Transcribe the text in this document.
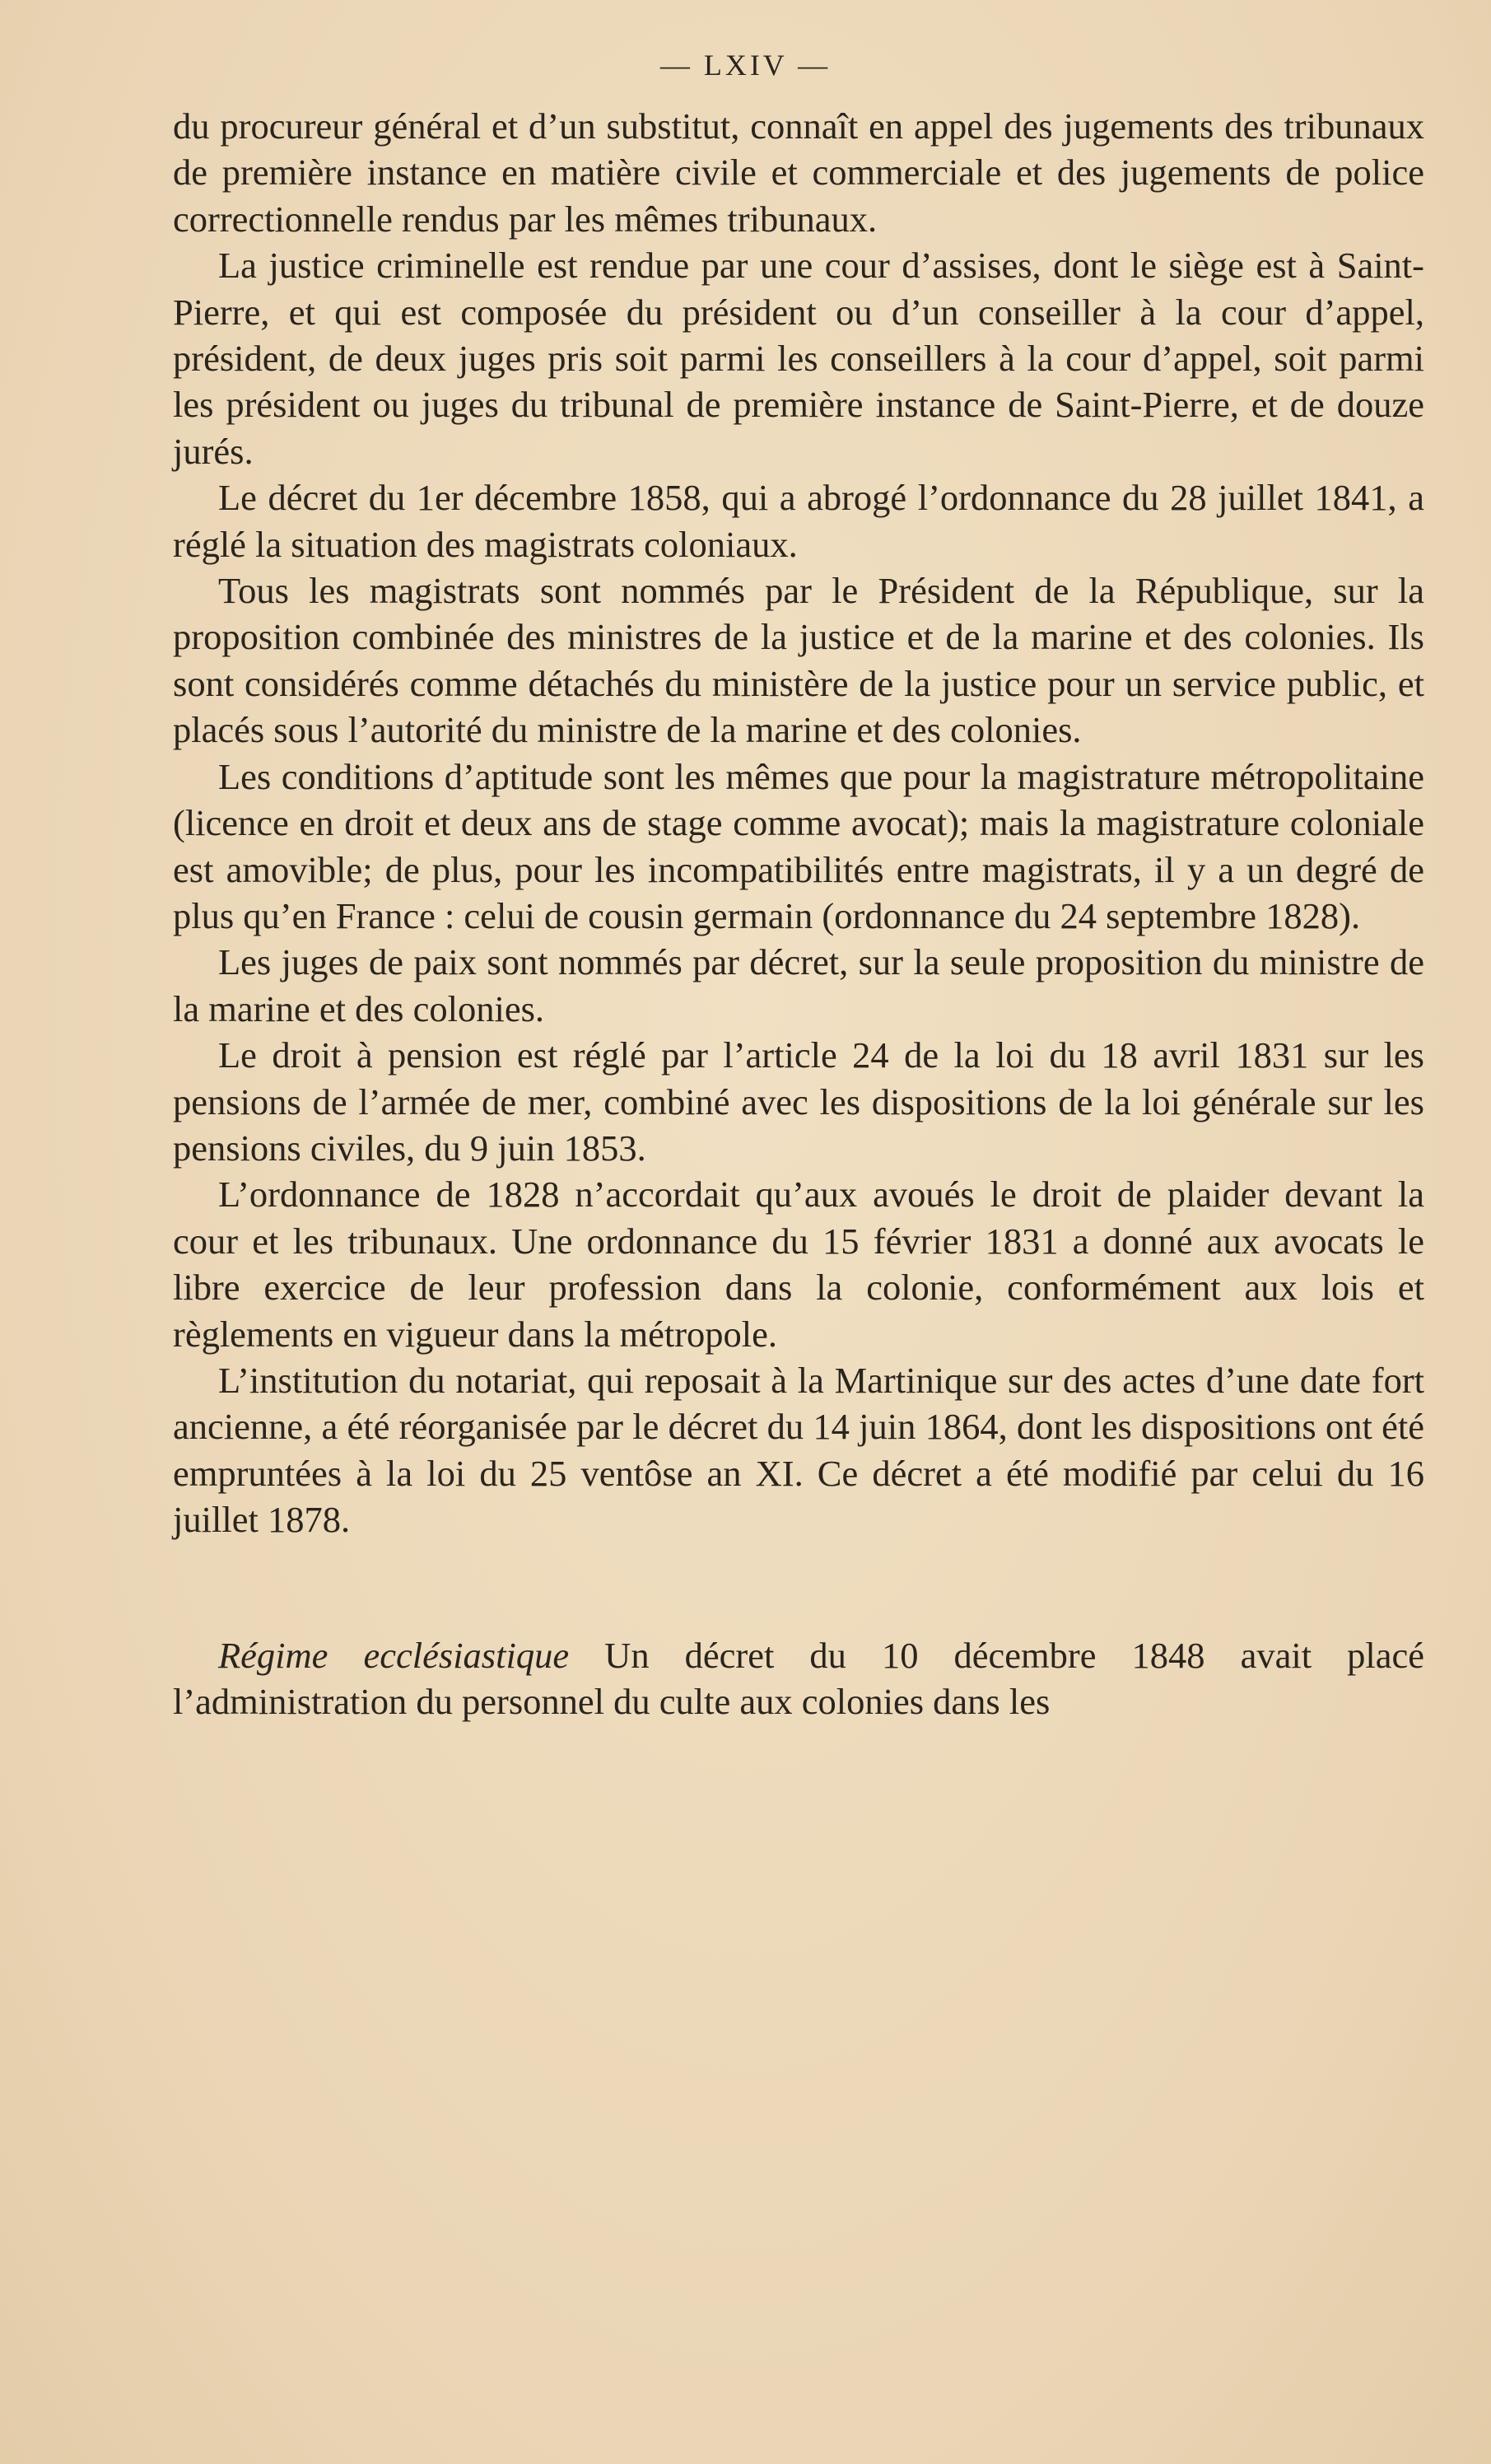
— LXIV —

du procureur général et d’un substitut, connaît en appel des jugements des tribunaux de première instance en matière civile et commerciale et des jugements de police correctionnelle rendus par les mêmes tribunaux.

La justice criminelle est rendue par une cour d’assises, dont le siège est à Saint-Pierre, et qui est composée du président ou d’un conseiller à la cour d’appel, président, de deux juges pris soit parmi les conseillers à la cour d’appel, soit parmi les président ou juges du tribunal de première instance de Saint-Pierre, et de douze jurés.

Le décret du 1er décembre 1858, qui a abrogé l’ordonnance du 28 juillet 1841, a réglé la situation des magistrats coloniaux.

Tous les magistrats sont nommés par le Président de la République, sur la proposition combinée des ministres de la justice et de la marine et des colonies. Ils sont considérés comme détachés du ministère de la justice pour un service public, et placés sous l’autorité du ministre de la marine et des colonies.

Les conditions d’aptitude sont les mêmes que pour la magistrature métropolitaine (licence en droit et deux ans de stage comme avocat); mais la magistrature coloniale est amovible; de plus, pour les incompatibilités entre magistrats, il y a un degré de plus qu’en France : celui de cousin germain (ordonnance du 24 septembre 1828).

Les juges de paix sont nommés par décret, sur la seule proposition du ministre de la marine et des colonies.

Le droit à pension est réglé par l’article 24 de la loi du 18 avril 1831 sur les pensions de l’armée de mer, combiné avec les dispositions de la loi générale sur les pensions civiles, du 9 juin 1853.

L’ordonnance de 1828 n’accordait qu’aux avoués le droit de plaider devant la cour et les tribunaux. Une ordonnance du 15 février 1831 a donné aux avocats le libre exercice de leur profession dans la colonie, conformément aux lois et règlements en vigueur dans la métropole.

L’institution du notariat, qui reposait à la Martinique sur des actes d’une date fort ancienne, a été réorganisée par le décret du 14 juin 1864, dont les dispositions ont été empruntées à la loi du 25 ventôse an XI. Ce décret a été modifié par celui du 16 juillet 1878.

Régime ecclésiastique Un décret du 10 décembre 1848 avait placé l’administration du personnel du culte aux colonies dans les
